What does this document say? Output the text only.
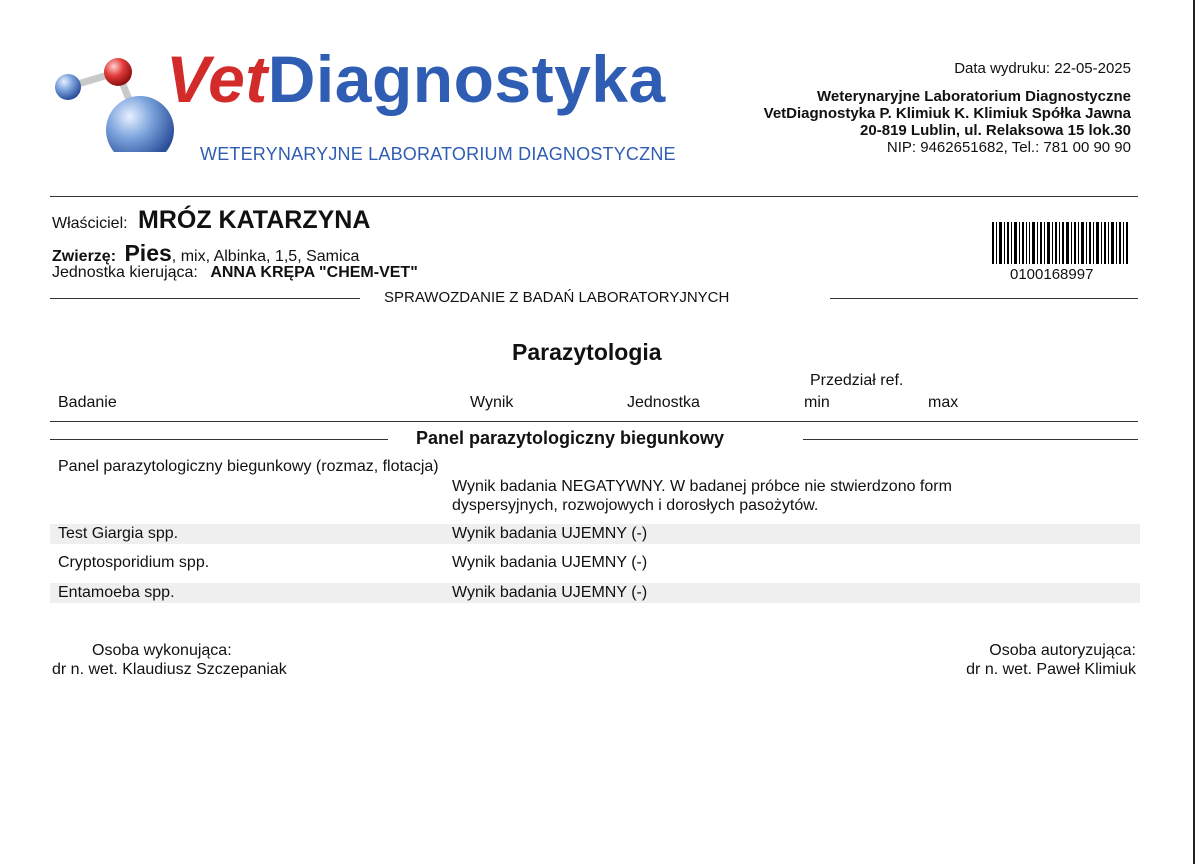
VetDiagnostyka
WETERYNARYJNE LABORATORIUM DIAGNOSTYCZNE
Data wydruku: 22-05-2025
Weterynaryjne Laboratorium Diagnostyczne
VetDiagnostyka P. Klimiuk K. Klimiuk Spółka Jawna
20-819 Lublin, ul. Relaksowa 15 lok.30
NIP: 9462651682, Tel.: 781 00 90 90
Właściciel: MRÓZ KATARZYNA
Zwierzę: Pies, mix, Albinka, 1,5, Samica
Jednostka kierująca: ANNA KRĘPA "CHEM-VET"	0100168997
SPRAWOZDANIE Z BADAŃ LABORATORYJNYCH
Parazytologia
Badanie	Wynik	Jednostka
Przedział ref.
min	max
Panel parazytologiczny biegunkowy
Panel parazytologiczny biegunkowy (rozmaz, flotacja)
Wynik badania NEGATYWNY. W badanej próbce nie stwierdzono form
dyspersyjnych, rozwojowych i dorosłych pasożytów.
Test Giargia spp.	Wynik badania UJEMNY (-)
Cryptosporidium spp.	Wynik badania UJEMNY (-)
Entamoeba spp.	Wynik badania UJEMNY (-)
Osoba wykonująca:
dr n. wet. Klaudiusz Szczepaniak
Osoba autoryzująca:
dr n. wet. Paweł Klimiuk
